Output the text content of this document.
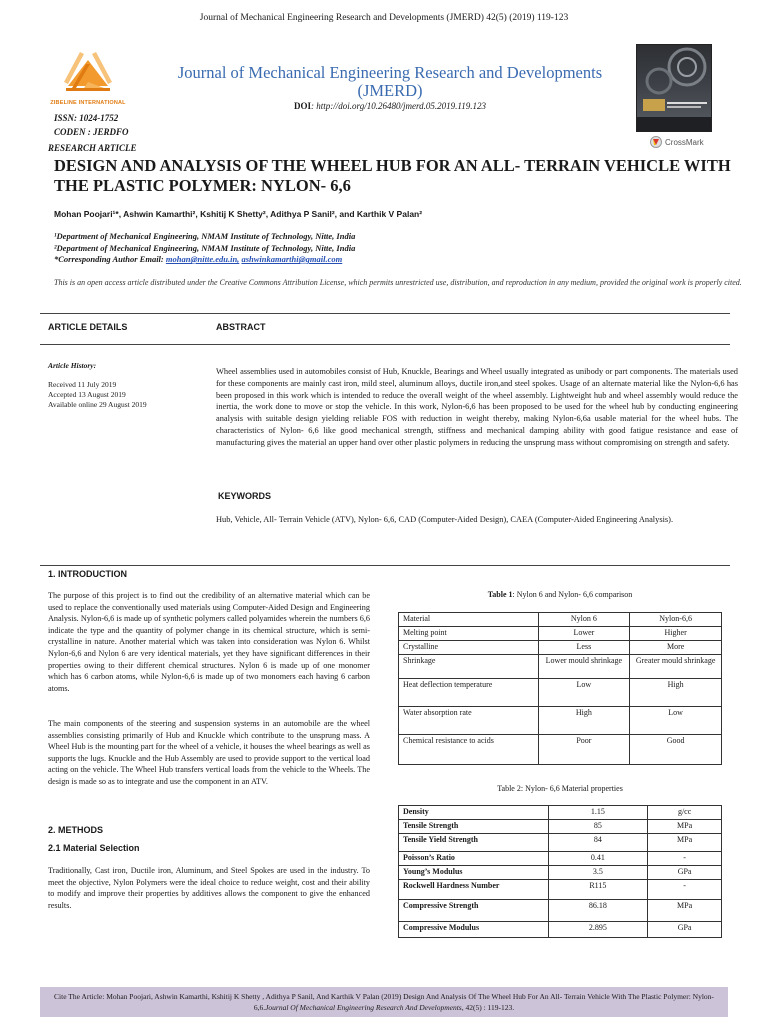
Journal of Mechanical Engineering Research and Developments (JMERD) 42(5) (2019) 119-123
ZIBELINE INTERNATIONAL
ISSN: 1024-1752
CODEN : JERDFO
Journal of Mechanical Engineering Research and Developments (JMERD)
DOI: http://doi.org/10.26480/jmerd.05.2019.119.123
CrossMark
RESEARCH ARTICLE
DESIGN AND ANALYSIS OF THE WHEEL HUB FOR AN ALL- TERRAIN VEHICLE WITH THE PLASTIC POLYMER: NYLON- 6,6
Mohan Poojari¹*, Ashwin Kamarthi², Kshitij K Shetty², Adithya P Sanil², and Karthik V Palan²
¹Department of Mechanical Engineering, NMAM Institute of Technology, Nitte, India
²Department of Mechanical Engineering, NMAM Institute of Technology, Nitte, India
*Corresponding Author Email: mohan@nitte.edu.in, ashwinkamarthi@gmail.com
This is an open access article distributed under the Creative Commons Attribution License, which permits unrestricted use, distribution, and reproduction in any medium, provided the original work is properly cited.
ARTICLE DETAILS	ABSTRACT
Article History:
Received 11 July 2019
Accepted 13 August 2019
Available online 29 August 2019
Wheel assemblies used in automobiles consist of Hub, Knuckle, Bearings and Wheel usually integrated as unibody or part components. The materials used for these components are mainly cast iron, mild steel, aluminum alloys, ductile iron,and steel spokes. Usage of an alternate material like the Nylon-6,6 has been proposed in this work which is intended to reduce the overall weight of the wheel assembly. Lightweight hub and wheel assembly would reduce the inertia, the work done to move or stop the vehicle. In this work, Nylon-6,6 has been proposed to be used for the wheel hub by conducting engineering analysis with suitable design yielding reliable FOS with reduction in weight thereby, making Nylon-6,6a usable material for the wheel hubs. The characteristics of Nylon- 6,6 like good mechanical strength, stiffness and mechanical damping ability with good fatigue resistance and ease of manufacturing gives the material an upper hand over other plastic polymers in reducing the unsprung mass without compromising on strength and safety.
KEYWORDS
Hub, Vehicle, All- Terrain Vehicle (ATV), Nylon- 6,6, CAD (Computer-Aided Design), CAEA (Computer-Aided Engineering Analysis).
1. INTRODUCTION
The purpose of this project is to find out the credibility of an alternative material which can be used to replace the conventionally used materials using Computer-Aided Design and Engineering Analysis. Nylon-6,6 is made up of synthetic polymers called polyamides wherein the numbers 6,6 indicate the type and the quantity of polymer change in its chemical structure, which is semi-crystalline in nature. Another material which was taken into consideration was Nylon 6. Whilst Nylon-6,6 and Nylon 6 are very identical materials, yet they have significant differences in their properties owing to their different chemical structures. Nylon 6 is made up of one monomer which has 6 carbon atoms, while Nylon-6,6 is made up of two monomers each having 6 carbon atoms.
The main components of the steering and suspension systems in an automobile are the wheel assemblies consisting primarily of Hub and Knuckle which contribute to the unsprung mass. A Wheel Hub is the mounting part for the wheel of a vehicle, it houses the wheel bearings as well as supports the lugs. Knuckle and the Hub Assembly are used to provide support to the vertical load acting on the vehicle. The Wheel Hub transfers vertical loads from the vehicle to the Wheels. The design is made so as to integrate and use the component in an ATV.
2. METHODS
2.1 Material Selection
Traditionally, Cast iron, Ductile iron, Aluminum, and Steel Spokes are used in the industry. To meet the objective, Nylon Polymers were the ideal choice to reduce weight, cost and their ability to modify and improve their properties by additives allows the component to give the enhanced results.
Table 1: Nylon 6 and Nylon- 6,6 comparison
Material	Nylon 6	Nylon-6,6
Melting point	Lower	Higher
Crystalline	Less	More
Shrinkage	Lower mould shrinkage	Greater mould shrinkage
Heat deflection temperature	Low	High
Water absorption rate	High	Low
Chemical resistance to acids	Poor	Good
Table 2: Nylon- 6,6 Material properties
Density	1.15	g/cc
Tensile Strength	85	MPa
Tensile Yield Strength	84	MPa
Poisson’s Ratio	0.41	-
Young’s Modulus	3.5	GPa
Rockwell Hardness Number	R115	-
Compressive Strength	86.18	MPa
Compressive Modulus	2.895	GPa
Cite The Article: Mohan Poojari, Ashwin Kamarthi, Kshitij K Shetty , Adithya P Sanil, And Karthik V Palan (2019) Design And Analysis Of The Wheel Hub For An All- Terrain Vehicle With The Plastic Polymer: Nylon- 6,6.Journal Of Mechanical Engineering Research And Developments, 42(5) : 119-123.
